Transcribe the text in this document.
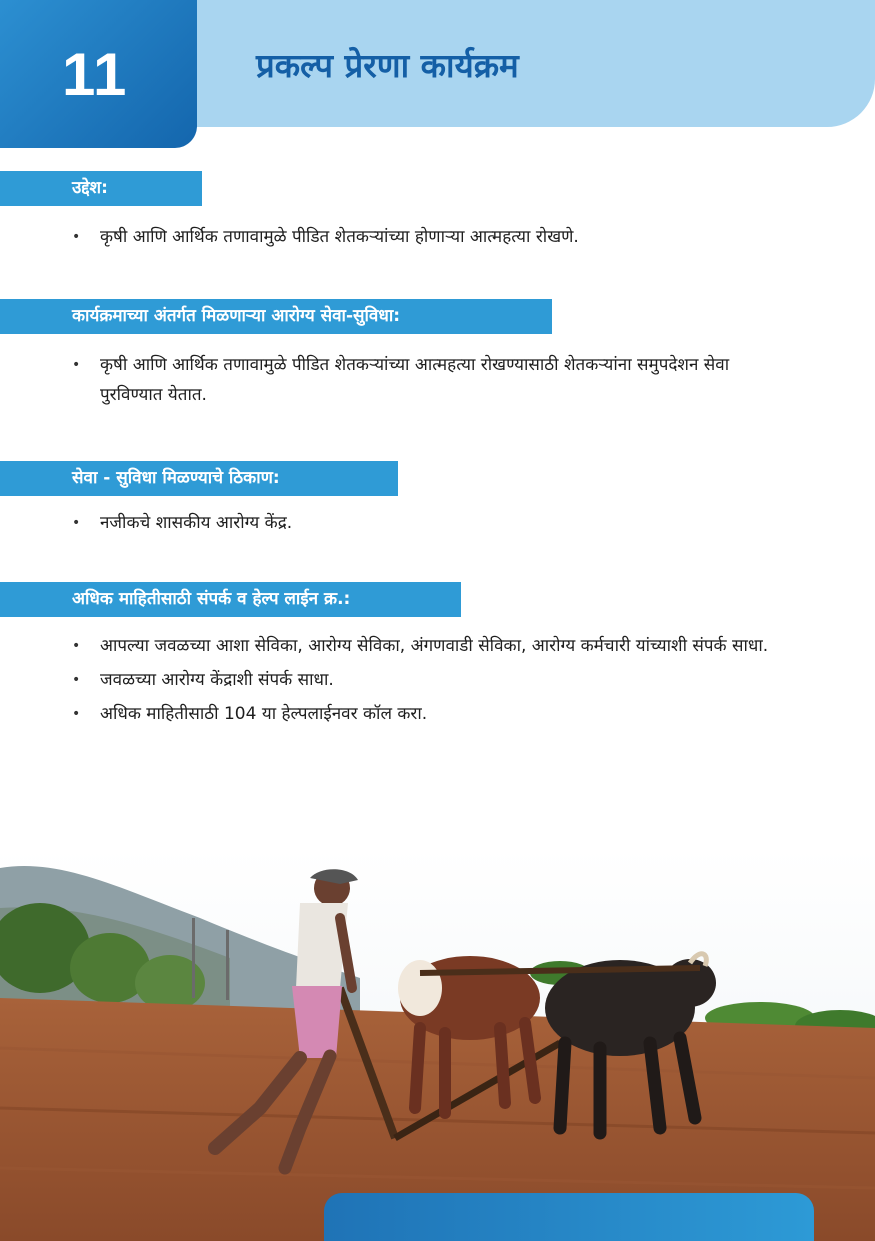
11	प्रकल्प प्रेरणा कार्यक्रम
उद्देश:
• कृषी आणि आर्थिक तणावामुळे पीडित शेतकऱ्यांच्या होणाऱ्या आत्महत्या रोखणे.
कार्यक्रमाच्या अंतर्गत मिळणाऱ्या आरोग्य सेवा-सुविधा:
• कृषी आणि आर्थिक तणावामुळे पीडित शेतकऱ्यांच्या आत्महत्या रोखण्यासाठी शेतकऱ्यांना समुपदेशन सेवा पुरविण्यात येतात.
सेवा - सुविधा मिळण्याचे ठिकाण:
• नजीकचे शासकीय आरोग्य केंद्र.
अधिक माहितीसाठी संपर्क व हेल्प लाईन क्र.:
• आपल्या जवळच्या आशा सेविका, आरोग्य सेविका, अंगणवाडी सेविका, आरोग्य कर्मचारी यांच्याशी संपर्क साधा.
• जवळच्या आरोग्य केंद्राशी संपर्क साधा.
• अधिक माहितीसाठी 104 या हेल्पलाईनवर कॉल करा.
